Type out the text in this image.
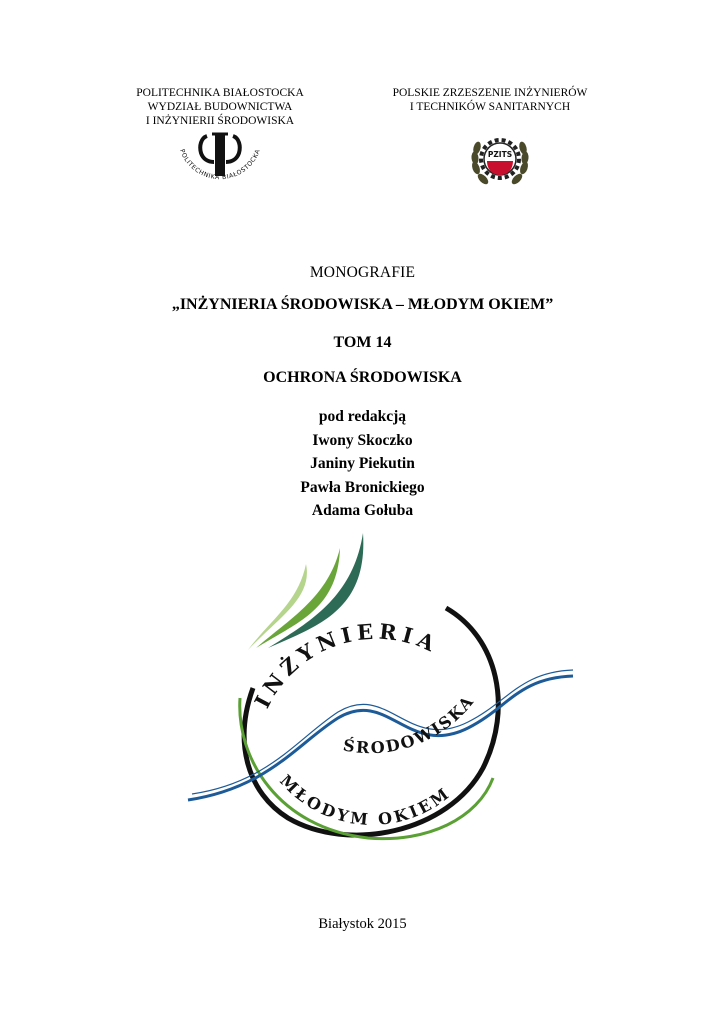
POLITECHNIKA BIAŁOSTOCKA
WYDZIAŁ BUDOWNICTWA
I INŻYNIERII ŚRODOWISKA
POLSKIE ZRZESZENIE INŻYNIERÓW
I TECHNIKÓW SANITARNYCH
POLITECHNIKA BIAŁOSTOCKA	PZITS
MONOGRAFIE
„INŻYNIERIA ŚRODOWISKA – MŁODYM OKIEM”
TOM 14
OCHRONA ŚRODOWISKA
pod redakcją
Iwony Skoczko
Janiny Piekutin
Pawła Bronickiego
Adama Gołuba
INŻYNIERIA
ŚRODOWISKA
MŁODYM OKIEM
Białystok 2015
